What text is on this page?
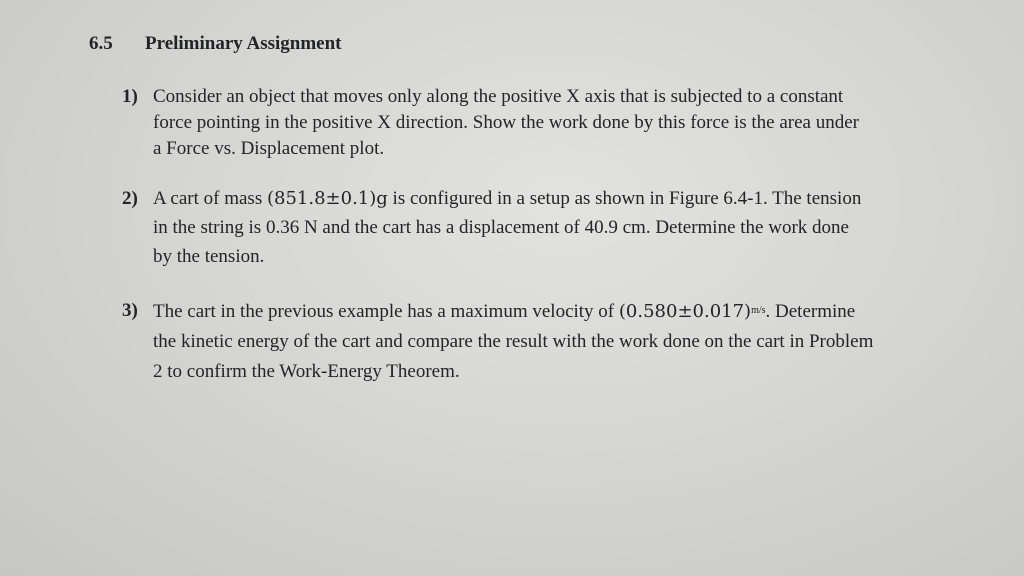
6.5 Preliminary Assignment
1) Consider an object that moves only along the positive X axis that is subjected to a constant
force pointing in the positive X direction. Show the work done by this force is the area under
a Force vs. Displacement plot.
2) A cart of mass (851.8±0.1)g is configured in a setup as shown in Figure 6.4-1. The tension
in the string is 0.36 N and the cart has a displacement of 40.9 cm. Determine the work done
by the tension.
3) The cart in the previous example has a maximum velocity of $(0.580\pm 0.017)^{m/s}$. Determine
the kinetic energy of the cart and compare the result with the work done on the cart in Problem
2 to confirm the Work-Energy Theorem.
